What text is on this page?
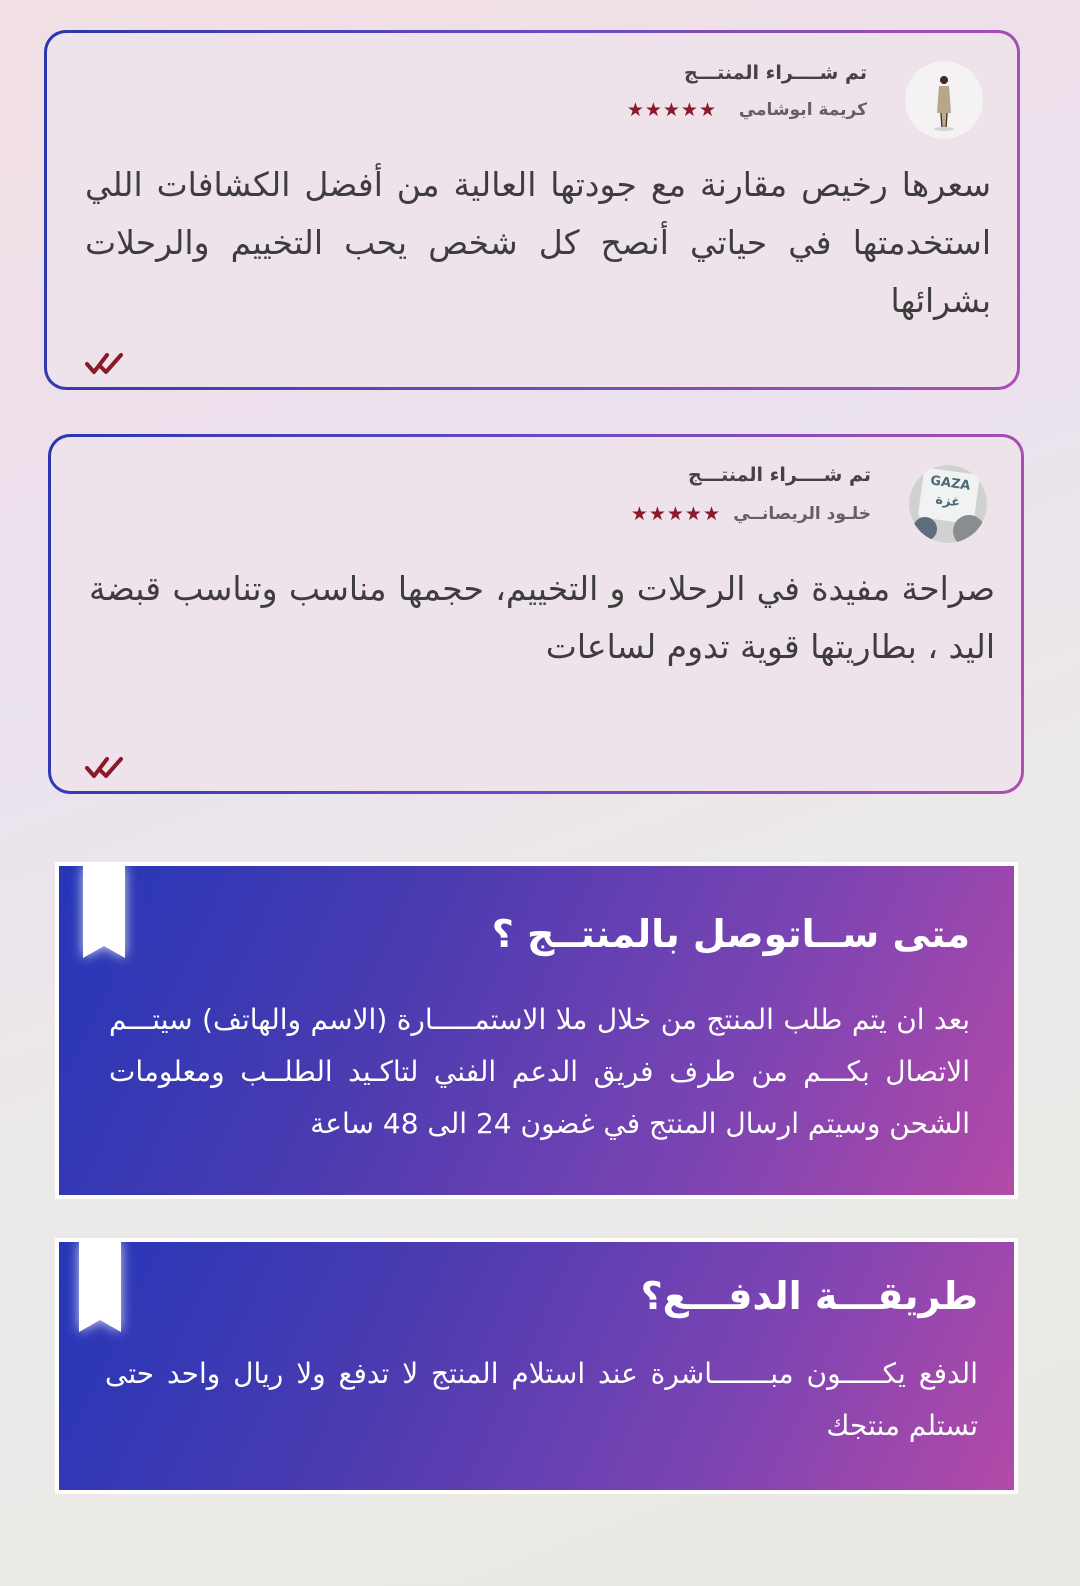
تم شــــراء المنتـــج
كريمة ابوشامي
★★★★★
سعرها رخيص مقارنة مع جودتها العالية من أفضل الكشافات اللي استخدمتها في حياتي أنصح كل شخص يحب التخييم والرحلات بشرائها
GAZA غزة
تم شــــراء المنتـــج
خلـود الريصانــي
★★★★★
صراحة مفيدة في الرحلات و التخييم، حجمها مناسب وتناسب قبضة اليد ، بطاريتها قوية تدوم لساعات
متى ســاتوصل بالمنتــج ؟
بعد ان يتم طلب المنتج من خلال ملا الاستمـــــارة (الاسم والهاتف) سيتـــم الاتصال بكـــم من طرف فريق الدعم الفني لتاكـيد الطلــب ومعلومات الشحن وسيتم ارسال المنتج في غضون 24 الى 48 ساعة
طريقـــة الدفـــع؟
الدفع يكـــــون مبـــــــاشرة عند استلام المنتج لا تدفع ولا ريال واحد حتى تستلم منتجك
